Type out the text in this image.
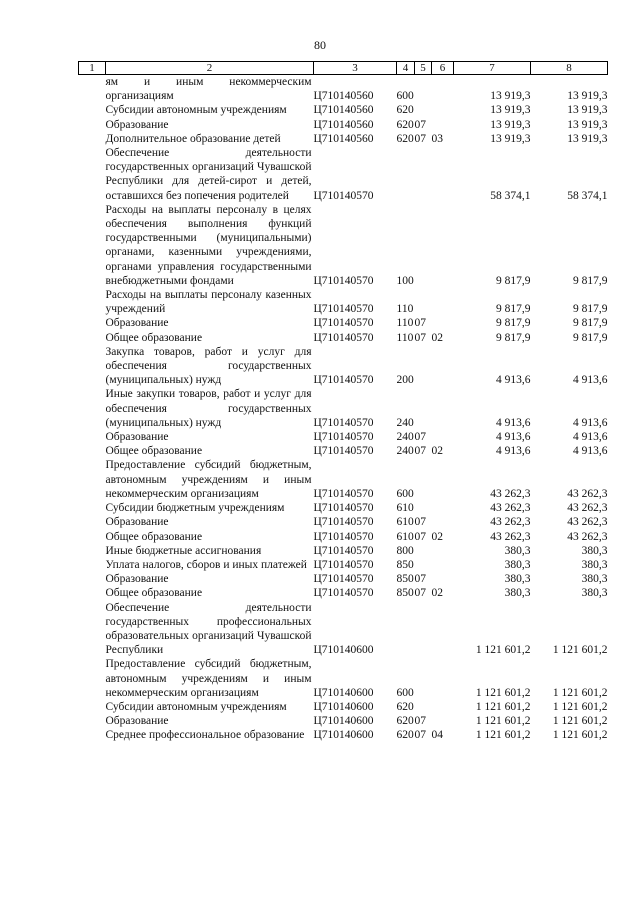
80
1	2	3	4	5	6	7	8
	ям и иным некоммерческим организациям	Ц710140560	600			13 919,3	13 919,3
	Субсидии автономным учреждениям	Ц710140560	620			13 919,3	13 919,3
	Образование	Ц710140560	620	07		13 919,3	13 919,3
	Дополнительное образование детей	Ц710140560	620	07	03	13 919,3	13 919,3
	Обеспечение деятельности государственных организаций Чувашской Республики для детей-сирот и детей, оставшихся без попечения родителей	Ц710140570				58 374,1	58 374,1
	Расходы на выплаты персоналу в целях обеспечения выполнения функций государственными (муниципальными) органами, казенными учреждениями, органами управления государственными внебюджетными фондами	Ц710140570	100			9 817,9	9 817,9
	Расходы на выплаты персоналу казенных учреждений	Ц710140570	110			9 817,9	9 817,9
	Образование	Ц710140570	110	07		9 817,9	9 817,9
	Общее образование	Ц710140570	110	07	02	9 817,9	9 817,9
	Закупка товаров, работ и услуг для обеспечения государственных (муниципальных) нужд	Ц710140570	200			4 913,6	4 913,6
	Иные закупки товаров, работ и услуг для обеспечения государственных (муниципальных) нужд	Ц710140570	240			4 913,6	4 913,6
	Образование	Ц710140570	240	07		4 913,6	4 913,6
	Общее образование	Ц710140570	240	07	02	4 913,6	4 913,6
	Предоставление субсидий бюджетным, автономным учреждениям и иным некоммерческим организациям	Ц710140570	600			43 262,3	43 262,3
	Субсидии бюджетным учреждениям	Ц710140570	610			43 262,3	43 262,3
	Образование	Ц710140570	610	07		43 262,3	43 262,3
	Общее образование	Ц710140570	610	07	02	43 262,3	43 262,3
	Иные бюджетные ассигнования	Ц710140570	800			380,3	380,3
	Уплата налогов, сборов и иных платежей	Ц710140570	850			380,3	380,3
	Образование	Ц710140570	850	07		380,3	380,3
	Общее образование	Ц710140570	850	07	02	380,3	380,3
	Обеспечение деятельности государственных профессиональных образовательных организаций Чувашской Республики	Ц710140600				1 121 601,2	1 121 601,2
	Предоставление субсидий бюджетным, автономным учреждениям и иным некоммерческим организациям	Ц710140600	600			1 121 601,2	1 121 601,2
	Субсидии автономным учреждениям	Ц710140600	620			1 121 601,2	1 121 601,2
	Образование	Ц710140600	620	07		1 121 601,2	1 121 601,2
	Среднее профессиональное образование	Ц710140600	620	07	04	1 121 601,2	1 121 601,2
